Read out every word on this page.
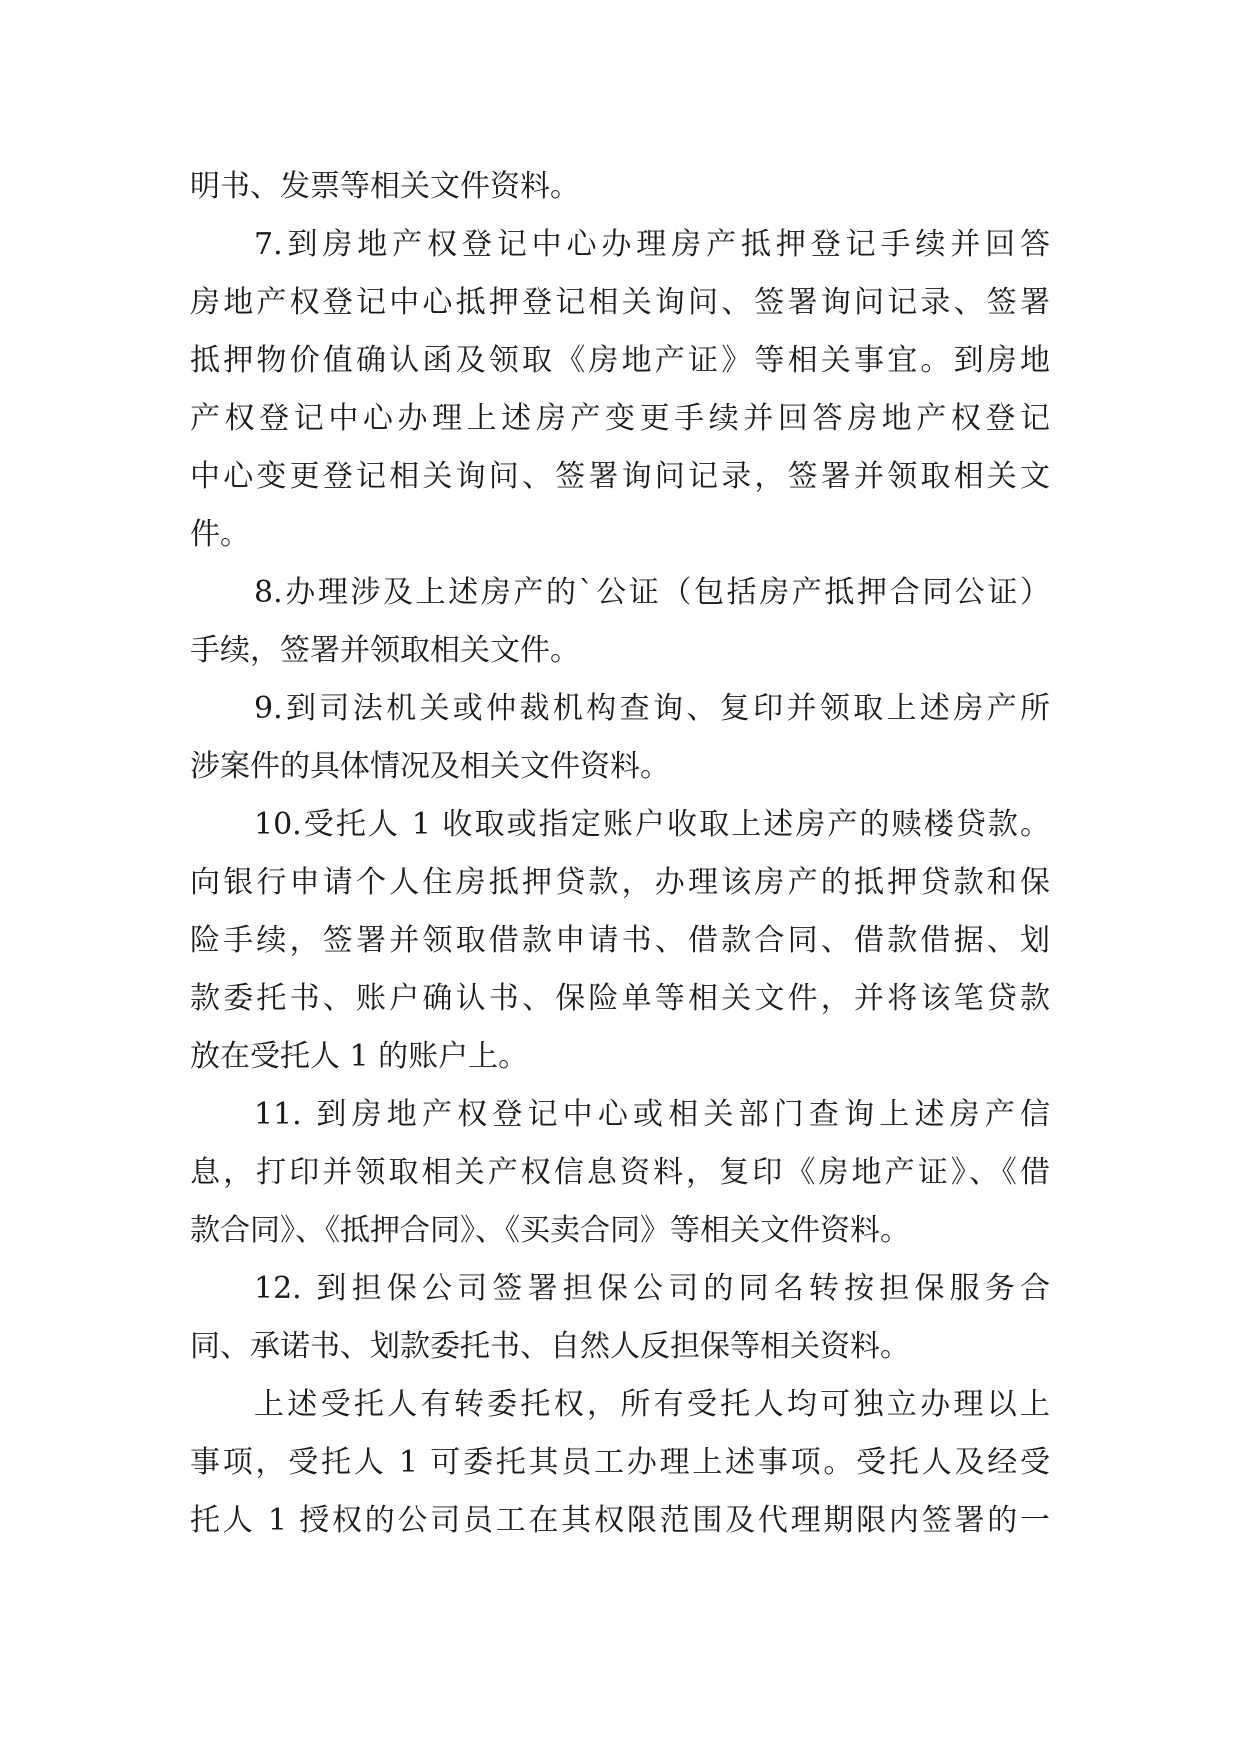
明书、发票等相关文件资料。
7.到房地产权登记中心办理房产抵押登记手续并回答
房地产权登记中心抵押登记相关询问、签署询问记录、签署
抵押物价值确认函及领取《房地产证》等相关事宜。到房地
产权登记中心办理上述房产变更手续并回答房地产权登记
中心变更登记相关询问、签署询问记录，签署并领取相关文
件。
8.办理涉及上述房产的`公证（包括房产抵押合同公证）
手续，签署并领取相关文件。
9.到司法机关或仲裁机构查询、复印并领取上述房产所
涉案件的具体情况及相关文件资料。
10.受托人 1 收取或指定账户收取上述房产的赎楼贷款。
向银行申请个人住房抵押贷款，办理该房产的抵押贷款和保
险手续，签署并领取借款申请书、借款合同、借款借据、划
款委托书、账户确认书、保险单等相关文件，并将该笔贷款
放在受托人 1 的账户上。
11. 到房地产权登记中心或相关部门查询上述房产信
息，打印并领取相关产权信息资料，复印《房地产证》、《借
款合同》、《抵押合同》、《买卖合同》等相关文件资料。
12. 到担保公司签署担保公司的同名转按担保服务合
同、承诺书、划款委托书、自然人反担保等相关资料。
上述受托人有转委托权，所有受托人均可独立办理以上
事项，受托人 1 可委托其员工办理上述事项。受托人及经受
托人 1 授权的公司员工在其权限范围及代理期限内签署的一
